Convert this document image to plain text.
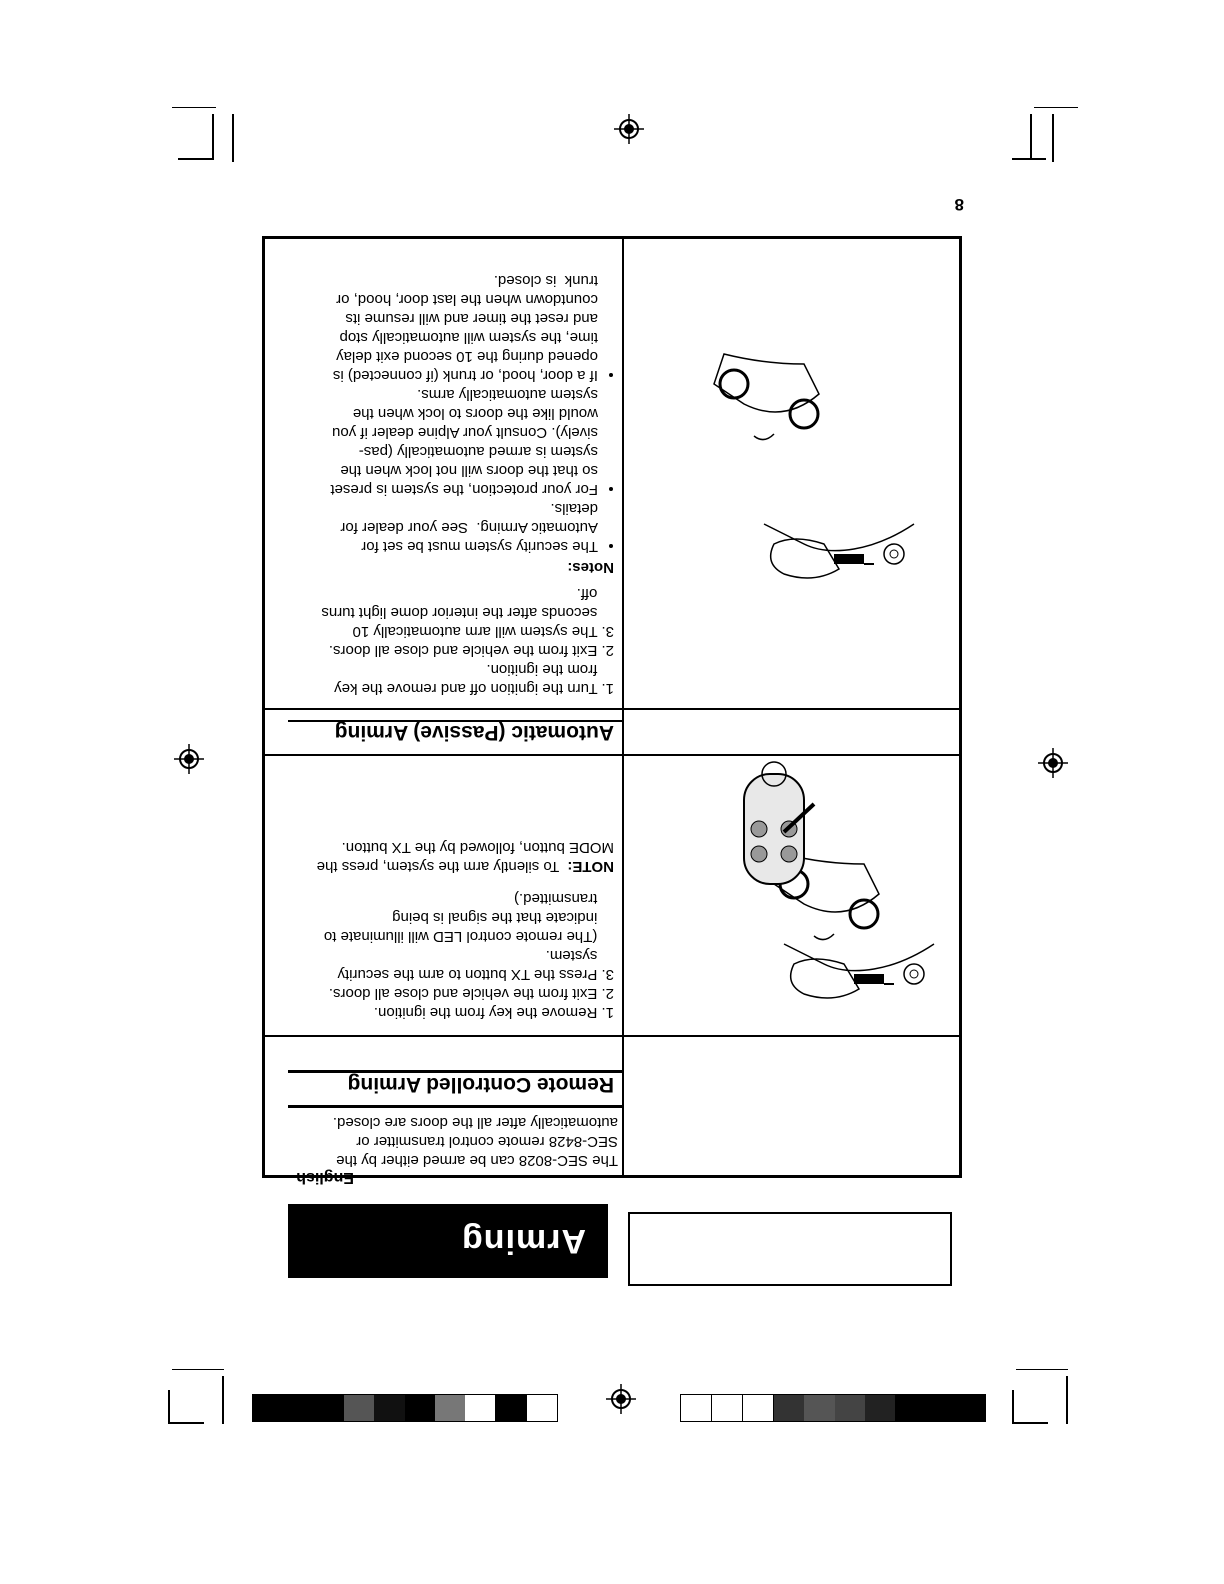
Arming
English
The SEC-8028 can be armed either by the
SEC-8428 remote control transmitter or
automatically after all the doors are closed.
Remote Controlled Arming
1. Remove the key from the ignition.
2. Exit from the vehicle and close all doors.
3. Press the TX button to arm the security
system.
(The remote control LED will illuminate to
indicate that the signal is being
transmitted.)
NOTE:  To silently arm the system, press the
MODE button, followed by the TX button.
Automatic (Passive) Arming
1. Turn the ignition off and remove the key
from the ignition.
2. Exit from the vehicle and close all doors.
3. The system will arm automatically 10
seconds after the interior dome light turns
off.
Notes:
• The security system must be set for
Automatic Arming.  See your dealer for
details.
• For your protection, the system is preset
so that the doors will not lock when the
system is armed automatically (pas-
sively). Consult your Alpine dealer if you
would like the doors to lock when the
system automatically arms.
• If a door, hood, or trunk (if connected) is
opened during the 10 second exit delay
time, the system will automatically stop
and reset the timer and will resume its
countdown when the last door, hood, or
trunk  is closed.
8
